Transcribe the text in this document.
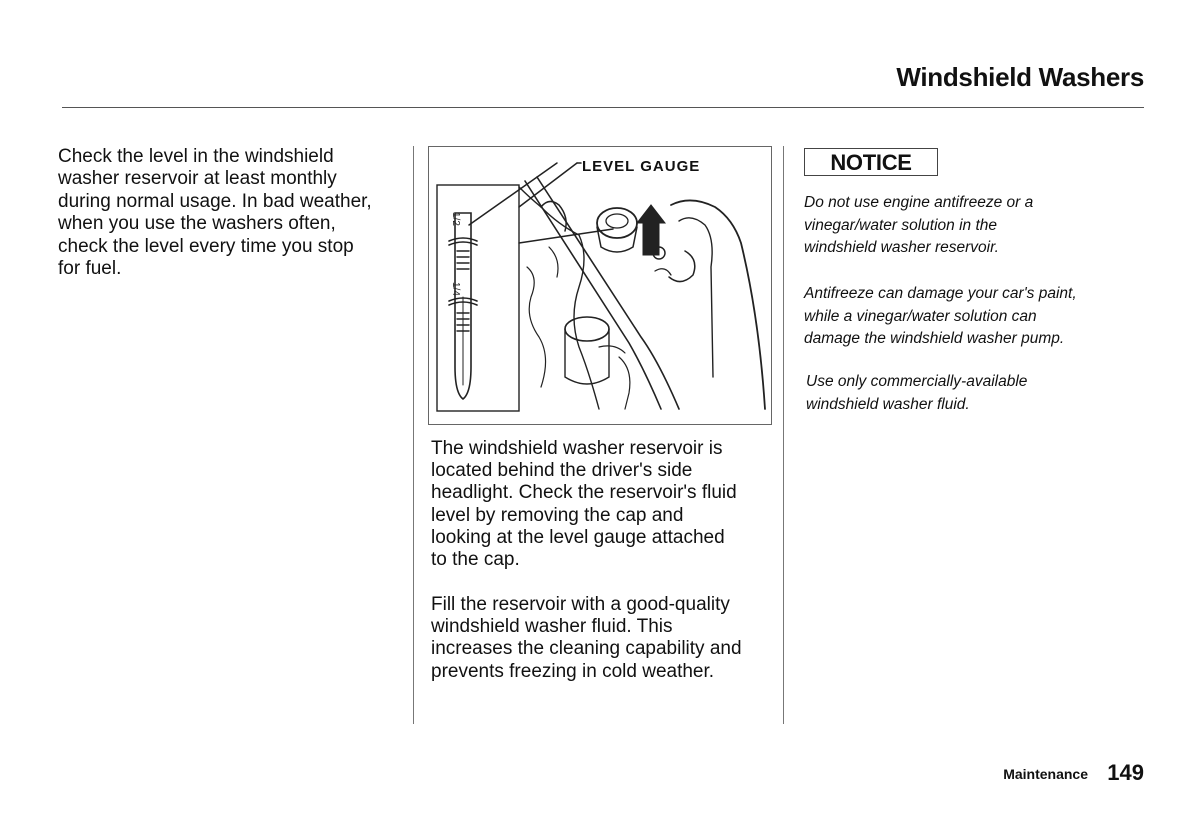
Windshield Washers

Check the level in the windshield
washer reservoir at least monthly
during normal usage. In bad weather,
when you use the washers often,
check the level every time you stop
for fuel.

1/2
1/4
LEVEL GAUGE

The windshield washer reservoir is
located behind the driver's side
headlight. Check the reservoir's fluid
level by removing the cap and
looking at the level gauge attached
to the cap.

Fill the reservoir with a good-quality
windshield washer fluid. This
increases the cleaning capability and
prevents freezing in cold weather.

NOTICE

Do not use engine antifreeze or a
vinegar/water solution in the
windshield washer reservoir.

Antifreeze can damage your car's paint,
while a vinegar/water solution can
damage the windshield washer pump.

Use only commercially-available
windshield washer fluid.

Maintenance 149
